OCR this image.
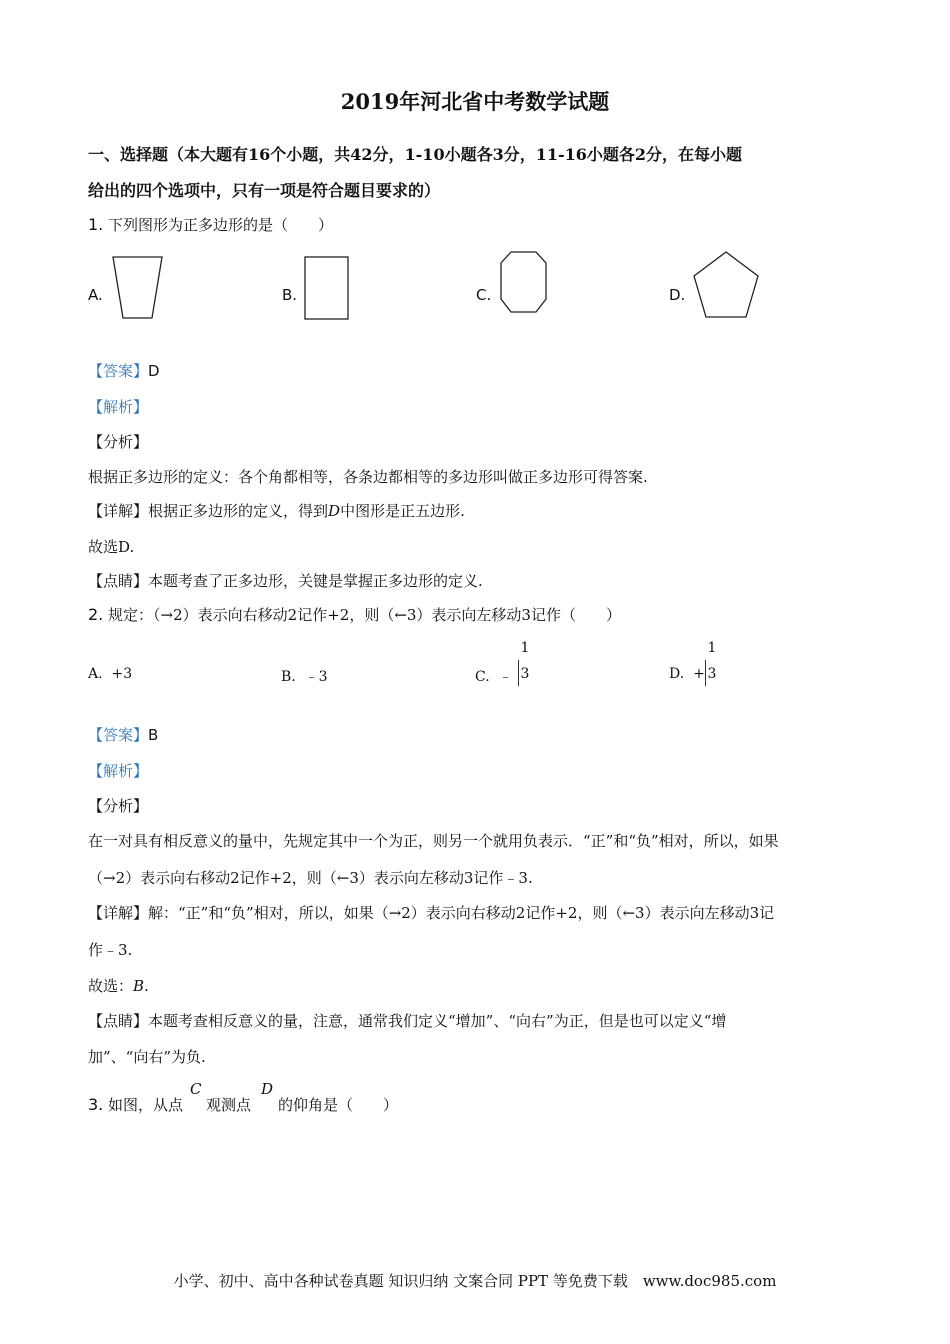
2019年河北省中考数学试题
一、选择题（本大题有16个小题，共42分，1-10小题各3分，11-16小题各2分，在每小题
给出的四个选项中，只有一项是符合题目要求的）
1. 下列图形为正多边形的是（　　）
A.	B.	C.	D.
【答案】D
【解析】
【分析】
根据正多边形的定义：各个角都相等，各条边都相等的多边形叫做正多边形可得答案.
【详解】根据正多边形的定义，得到D中图形是正五边形.
故选D.
【点睛】本题考查了正多边形，关键是掌握正多边形的定义.
2. 规定：（→2）表示向右移动2记作+2，则（←3）表示向左移动3记作（　　）
A. +3	B. ﹣3	C. ﹣
1
3	D. +
1
3
【答案】B
【解析】
【分析】
在一对具有相反意义的量中，先规定其中一个为正，则另一个就用负表示．“正”和“负”相对，所以，如果
（→2）表示向右移动2记作+2，则（←3）表示向左移动3记作﹣3.
【详解】解：“正”和“负”相对，所以，如果（→2）表示向右移动2记作+2，则（←3）表示向左移动3记
作﹣3.
故选：B.
【点睛】本题考查相反意义的量，注意，通常我们定义“增加”、“向右”为正，但是也可以定义“增
加”、“向右”为负.
3. 如图，从点
C
观测点
D
的仰角是（　　）
小学、初中、高中各种试卷真题 知识归纳 文案合同 PPT 等免费下载　www.doc985.com
